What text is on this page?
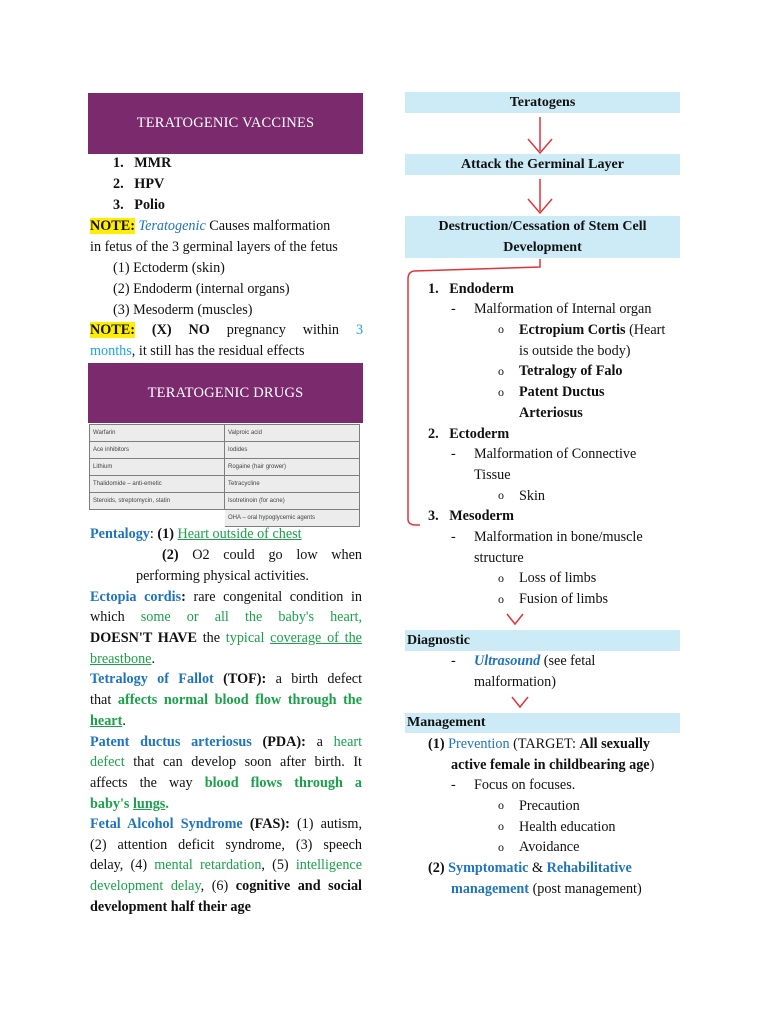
TERATOGENIC VACCINES
1. MMR
2. HPV
3. Polio
NOTE: Teratogenic Causes malformation
in fetus of the 3 germinal layers of the fetus
(1) Ectoderm (skin)
(2) Endoderm (internal organs)
(3) Mesoderm (muscles)
NOTE: (X) NO pregnancy within 3
months, it still has the residual effects
TERATOGENIC DRUGS
Warfarin	Valproic acid
Ace inhibitors	Iodides
Lithium	Rogaine (hair grower)
Thalidomide – anti-emetic	Tetracycline
Steroids, streptomycin, statin	Isotretinoin (for acne)
	OHA – oral hypoglycemic agents
Pentalogy: (1) Heart outside of chest
(2) O2 could go low when
performing physical activities.
Ectopia cordis: rare congenital condition in
which some or all the baby's heart,
DOESN'T HAVE the typical coverage of the
breastbone.
Tetralogy of Fallot (TOF): a birth defect
that affects normal blood flow through the
heart.
Patent ductus arteriosus (PDA): a heart
defect that can develop soon after birth. It
affects the way blood flows through a
baby's lungs.
Fetal Alcohol Syndrome (FAS): (1) autism,
(2) attention deficit syndrome, (3) speech
delay, (4) mental retardation, (5) intelligence
development delay, (6) cognitive and social
development half their age
Teratogens
Attack the Germinal Layer
Destruction/Cessation of Stem Cell
Development
1. Endoderm
- Malformation of Internal organ
o Ectropium Cortis (Heart
is outside the body)
o Tetralogy of Falo
o Patent Ductus
Arteriosus
2. Ectoderm
- Malformation of Connective
Tissue
o Skin
3. Mesoderm
- Malformation in bone/muscle
structure
o Loss of limbs
o Fusion of limbs
Diagnostic
- Ultrasound (see fetal
malformation)
Management
(1) Prevention (TARGET: All sexually
active female in childbearing age)
- Focus on focuses.
o Precaution
o Health education
o Avoidance
(2) Symptomatic & Rehabilitative
management (post management)
